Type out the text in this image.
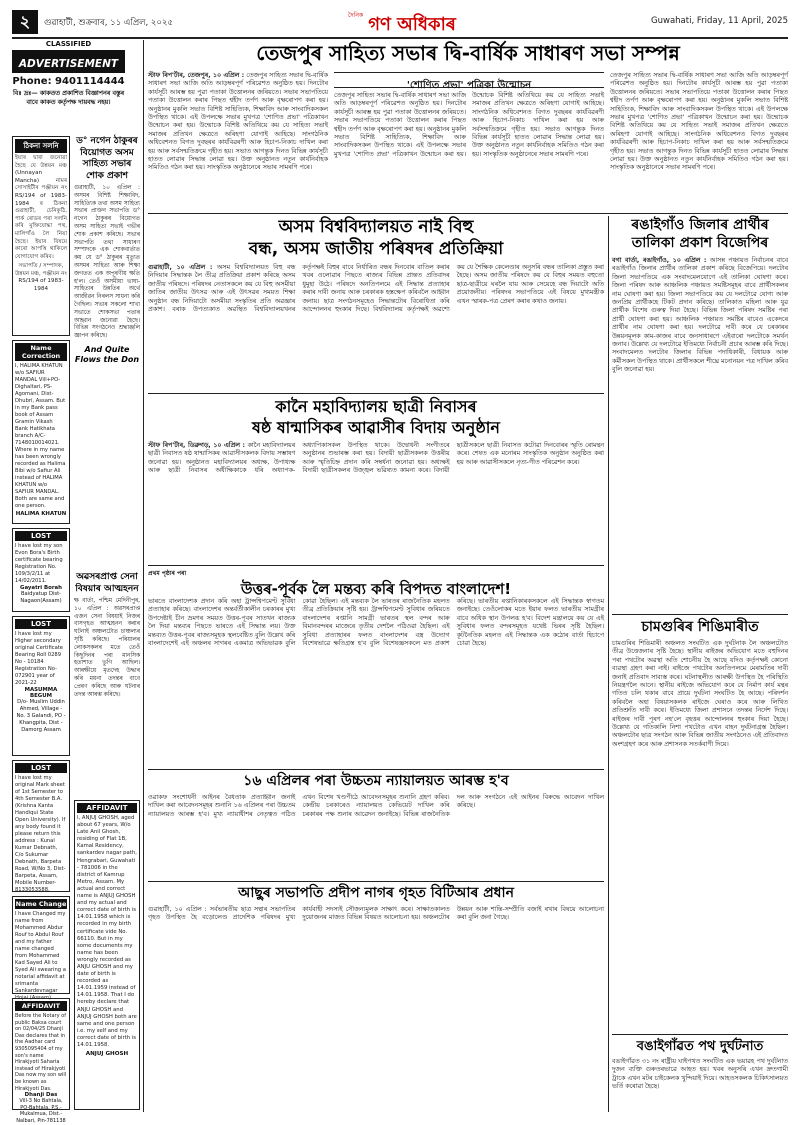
২	গুৱাহাটী, শুক্ৰবাৰ, ১১ এপ্ৰিল, ২০২৫
$^{দৈনিক}$ গণ অধিকাৰ	Guwahati, Friday, 11 April, 2025
CLASSIFIED
ADVERTISEMENT
Phone: 9401114444
বিঃ দ্ৰঃ— কাকতত প্ৰকাশিত বিজ্ঞাপনৰ বস্তুৰ বাবে কাকত কৰ্তৃপক্ষ দায়বদ্ধ নহয়।
ঠিকনা সলনি
ইয়াৰ দ্বাৰা জনোৱা হৈছে যে উন্নয়ন মঞ্চ (Unnayan Mancha) নামৰ সোসাইটীৰ পঞ্জীয়ন নং RS/194 of 1983-1984 ৰ ঠিকনা গুৱাহাটী, চেনিকুঠি, পাৰ্ক ৰোডৰ পৰা সলনি কৰি মুক্তিযোদ্ধা পথ, মালিগাঁও লৈ নিয়া হৈছে। ইয়াৰ বিষয়ে কাৰো আপত্তি থাকিলে যোগাযোগ কৰিব।
সভাপতি / সম্পাদক, উন্নয়ন মঞ্চ, পঞ্জীয়ন নং RS/194 of 1983-1984
Name Correction
I, HALIMA KHATUN w/o SAFIUR MANDAL Vill+PO- Dighaltari, PS- Agomani, Dist- Dhubri, Assam. But in my Bank pass book of Assam Gramin Vikash Bank Hatikhata branch A/C-7148010014021. Where in my name has been wrongly recorded as Halima Bibi w/o Safiur Ali instead of HALIMA KHATUN w/o SAFIUR MANDAL. Both are same and one person.
HALIMA KHATUN
LOST
I have lost my son Evon Bora's Birth certificate bearing Registration No. 109/3/2/11 at 14/02/2011.
Gayatri Borah
Baidyatup Dist-Nagaon(Assam)
LOST
I have lost my Higher secondary original Certificate Bearing Roll 0289 No - 10184 Registration No- 072901 year of 2021-22
MASUMMA BEGUM
D/o- Muslim Uddin Ahmed, Village - No. 3 Galandi, PO - Khangpita, Dist - Damorg Assam
LOST
I have lost my original Mark sheet of 1st Semester to 4th Semester B.A. (Krishna Kanta Handiqui State Open University). If any body found it please return this address : Kunal Kumar Debnath, C/o Sukumar Debnath, Barpeta Road, W/No 3, Dist- Barpeta, Assam, Mobile Number- 8133053588.
Name Change
I have Changed my name from Mohammed Abdur Rouf to Abdul Rouf and my father name changed from Mohammed Kad Sayed Ali to Syed Ali swearing a notarial affidavit at srimanta Sankardevnagar Hojai (Assam)
AFFIDAVIT
Before the Notary of public Baksa court on 02/04/25 Dhanji Das declares that in the Aadhar card 9305095404 of my son's name Hirakjyoti Saharia instead of Hirakjyoti Das now my son will be known as Hirakjyoti Das.
Dhanji Das
Vill-3 No Bahtala, PO-Bahtala, P.S.-Mukalmua, Dist.-Nalbari, Pin-781138
ড° নগেন ঠাকুৰৰ বিয়োগত অসম সাহিত্য সভাৰ শোক প্ৰকাশ
গুৱাহাটী, ১০ এপ্ৰিল : অসমৰ বিশিষ্ট শিক্ষাবিদ, সাহিত্যিক তথা অসম সাহিত্য সভাৰ প্ৰাক্তন সভাপতি ড° নগেন ঠাকুৰৰ বিয়োগত অসম সাহিত্য সভাই গভীৰ শোক প্ৰকাশ কৰিছে। সভাৰ সভাপতি তথা সাধাৰণ সম্পাদকে এক শোকবাৰ্তাত কয় যে ড° ঠাকুৰৰ মৃত্যুত অসমৰ সাহিত্য আৰু শিক্ষা জগতত এক অপূৰণীয় ক্ষতি হ'ল। তেওঁ অসমীয়া ভাষা-সাহিত্যৰ উন্নতিৰ অৰ্থে আজীৱন নিৰলস সাধনা কৰি গৈছিল। সভাৰ সকলো শাখা সভাতে শোকসভা পতাৰ আহ্বান জনোৱা হৈছে। বিভিন্ন সংগঠনেও শ্ৰদ্ধাঞ্জলি জ্ঞাপন কৰিছে।
And Quite Flows the Don
অৱসৰপ্ৰাপ্ত সেনা বিষয়াৰ আত্মহনন
ক্ষ বাৰ্তা, পশ্চিম মেদিনীপুৰ, ১০ এপ্ৰিল : অৱসৰপ্ৰাপ্ত এজন সেনা বিষয়াই নিজৰ বাসগৃহত আত্মহনন কৰাৰ ঘটনাই অঞ্চলটোত চাঞ্চল্যৰ সৃষ্টি কৰিছে। পৰিয়ালৰ লোকসকলৰ মতে তেওঁ কিছুদিনৰ পৰা মানসিক হতাশাত ভুগি আছিল। আৰক্ষীয়ে মৃতদেহ উদ্ধাৰ কৰি ময়না তদন্তৰ বাবে প্ৰেৰণ কৰিছে আৰু ঘটনাৰ তদন্ত আৰম্ভ কৰিছে।
AFFIDAVIT
I, ANJUJ GHOSH, aged about 67 years, W/o Late Anil Ghosh, residing of Flat 1B, Kamal Residency, sankardev nagar path, Hengrabari, Guwahati - 781006 in the district of Kamrup Metro, Assam. My actual and correct name is ANJUJ GHOSH and my actual and correct date of birth is 14.01.1958 which is recorded in my birth certificate vide No. 66110. But in my some documents my name has been wrongly recorded as ANJU GHOSH and my date of birth is recorded as 14.01.1959 instead of 14.01.1958. That I do hereby declare that ANJU GHOSH and ANJUJ GHOSH both are same and one person i.e. my self and my correct date of birth is 14.01.1958.
ANJUJ GHOSH
তেজপুৰ সাহিত্য সভাৰ দ্বি-বাৰ্ষিক সাধাৰণ সভা সম্পন্ন
স্টাফ ৰিপ'ৰ্টাৰ, তেজপুৰ, ১০ এপ্ৰিল : তেজপুৰ সাহিত্য সভাৰ দ্বি-বাৰ্ষিক সাধাৰণ সভা আজি অতি আড়ম্বৰপূৰ্ণ পৰিৱেশত অনুষ্ঠিত হয়। দিনটোৰ কাৰ্যসূচী আৰম্ভ হয় পুৱা পতাকা উত্তোলনৰ জৰিয়তে। সভাৰ সভাপতিয়ে পতাকা উত্তোলন কৰাৰ পিছত শ্বহীদ তৰ্পণ আৰু বৃক্ষৰোপণ কৰা হয়। অনুষ্ঠানৰ মুকলি সভাত বিশিষ্ট সাহিত্যিক, শিক্ষাবিদ আৰু সাংবাদিকসকল উপস্থিত থাকে। এই উপলক্ষে সভাৰ মুখপত্ৰ 'শোণিত প্ৰভা' পত্ৰিকাখন উন্মোচন কৰা হয়। উন্মোচক বিশিষ্ট অতিথিয়ে কয় যে সাহিত্য সভাই সমাজৰ প্ৰতিখন ক্ষেত্ৰতে অৰিহণা যোগাই আহিছে। সাংগঠনিক অধিবেশনত বিগত দুবছৰৰ কাৰ্যবিৱৰণী আৰু হিচাপ-নিকাচ দাখিল কৰা হয় আৰু সৰ্বসন্মতিক্ৰমে গৃহীত হয়। সভাত আগন্তুক দিনত বিভিন্ন কাৰ্যসূচী হাতত লোৱাৰ সিদ্ধান্ত লোৱা হয়। উক্ত অনুষ্ঠানত নতুন কাৰ্যনিৰ্বাহক সমিতিও গঠন কৰা হয়। সাংস্কৃতিক অনুষ্ঠানেৰে সভাৰ সামৰণি পৰে।
'শোণিত প্ৰভা' পত্ৰিকা উন্মোচন
তেজপুৰ সাহিত্য সভাৰ দ্বি-বাৰ্ষিক সাধাৰণ সভা আজি অতি আড়ম্বৰপূৰ্ণ পৰিৱেশত অনুষ্ঠিত হয়। দিনটোৰ কাৰ্যসূচী আৰম্ভ হয় পুৱা পতাকা উত্তোলনৰ জৰিয়তে। সভাৰ সভাপতিয়ে পতাকা উত্তোলন কৰাৰ পিছত শ্বহীদ তৰ্পণ আৰু বৃক্ষৰোপণ কৰা হয়। অনুষ্ঠানৰ মুকলি সভাত বিশিষ্ট সাহিত্যিক, শিক্ষাবিদ আৰু সাংবাদিকসকল উপস্থিত থাকে। এই উপলক্ষে সভাৰ মুখপত্ৰ 'শোণিত প্ৰভা' পত্ৰিকাখন উন্মোচন কৰা হয়। উন্মোচক বিশিষ্ট অতিথিয়ে কয় যে সাহিত্য সভাই সমাজৰ প্ৰতিখন ক্ষেত্ৰতে অৰিহণা যোগাই আহিছে। সাংগঠনিক অধিবেশনত বিগত দুবছৰৰ কাৰ্যবিৱৰণী আৰু হিচাপ-নিকাচ দাখিল কৰা হয় আৰু সৰ্বসন্মতিক্ৰমে গৃহীত হয়। সভাত আগন্তুক দিনত বিভিন্ন কাৰ্যসূচী হাতত লোৱাৰ সিদ্ধান্ত লোৱা হয়। উক্ত অনুষ্ঠানত নতুন কাৰ্যনিৰ্বাহক সমিতিও গঠন কৰা হয়। সাংস্কৃতিক অনুষ্ঠানেৰে সভাৰ সামৰণি পৰে।
তেজপুৰ সাহিত্য সভাৰ দ্বি-বাৰ্ষিক সাধাৰণ সভা আজি অতি আড়ম্বৰপূৰ্ণ পৰিৱেশত অনুষ্ঠিত হয়। দিনটোৰ কাৰ্যসূচী আৰম্ভ হয় পুৱা পতাকা উত্তোলনৰ জৰিয়তে। সভাৰ সভাপতিয়ে পতাকা উত্তোলন কৰাৰ পিছত শ্বহীদ তৰ্পণ আৰু বৃক্ষৰোপণ কৰা হয়। অনুষ্ঠানৰ মুকলি সভাত বিশিষ্ট সাহিত্যিক, শিক্ষাবিদ আৰু সাংবাদিকসকল উপস্থিত থাকে। এই উপলক্ষে সভাৰ মুখপত্ৰ 'শোণিত প্ৰভা' পত্ৰিকাখন উন্মোচন কৰা হয়। উন্মোচক বিশিষ্ট অতিথিয়ে কয় যে সাহিত্য সভাই সমাজৰ প্ৰতিখন ক্ষেত্ৰতে অৰিহণা যোগাই আহিছে। সাংগঠনিক অধিবেশনত বিগত দুবছৰৰ কাৰ্যবিৱৰণী আৰু হিচাপ-নিকাচ দাখিল কৰা হয় আৰু সৰ্বসন্মতিক্ৰমে গৃহীত হয়। সভাত আগন্তুক দিনত বিভিন্ন কাৰ্যসূচী হাতত লোৱাৰ সিদ্ধান্ত লোৱা হয়। উক্ত অনুষ্ঠানত নতুন কাৰ্যনিৰ্বাহক সমিতিও গঠন কৰা হয়। সাংস্কৃতিক অনুষ্ঠানেৰে সভাৰ সামৰণি পৰে।
অসম বিশ্ববিদ্যালয়ত নাই বিহু
বন্ধ, অসম জাতীয় পৰিষদৰ প্ৰতিক্ৰিয়া
গুৱাহাটী, ১০ এপ্ৰিল : অসম বিশ্ববিদ্যালয়ত বিহু বন্ধ নিদিয়াৰ সিদ্ধান্তক লৈ তীব্ৰ প্ৰতিক্ৰিয়া প্ৰকাশ কৰিছে অসম জাতীয় পৰিষদে। পৰিষদৰ নেতাসকলে কয় যে বিহু অসমীয়া জাতিৰ জাতীয় উৎসৱ আৰু এই উৎসৱৰ সময়ত শিক্ষা অনুষ্ঠান বন্ধ নিদিয়াটো অসমীয়া সংস্কৃতিৰ প্ৰতি অৱজ্ঞাৰ প্ৰকাশ। বৰাক উপত্যকাত অৱস্থিত বিশ্ববিদ্যালয়খনৰ কৰ্তৃপক্ষই বিহুৰ বাবে নিৰ্ধাৰিত বন্ধৰ দিনবোৰ বাতিল কৰাৰ খবৰ ওলোৱাৰ পিছতে ৰাজ্যৰ বিভিন্ন প্ৰান্তত প্ৰতিবাদৰ ধুমুহা উঠে। পৰিষদে অনতিপলমে এই সিদ্ধান্ত প্ৰত্যাহাৰ কৰাৰ দাবী জনায় আৰু চৰকাৰক হস্তক্ষেপ কৰিবলৈ আহ্বান জনায়। ছাত্ৰ সংগঠনসমূহেও সিদ্ধান্তটোৰ বিৰোধিতা কৰি আন্দোলনৰ হুংকাৰ দিছে। বিশ্ববিদ্যালয় কৰ্তৃপক্ষই অৱশ্যে কয় যে শৈক্ষিক কেলেণ্ডাৰ অনুসৰি বন্ধৰ তালিকা প্ৰস্তুত কৰা হৈছে। অসম জাতীয় পৰিষদে কয় যে বিহুৰ সময়ত বহুতো ছাত্ৰ-ছাত্ৰীয়ে ঘৰলৈ যায় আৰু সেয়েহে বন্ধ দিয়াটো অতি প্ৰয়োজনীয়। পৰিষদৰ সভাপতিয়ে এই বিষয়ে মুখ্যমন্ত্ৰীক এখন স্মাৰক-পত্ৰ প্ৰেৰণ কৰাৰ কথাও জনায়।
ৰঙাইগাঁও জিলাৰ প্ৰাৰ্থীৰ তালিকা প্ৰকাশ বিজেপিৰ
বগা বাৰ্তা, ৰঙাইগাঁও, ১০ এপ্ৰিল : আসন্ন পঞ্চায়ত নিৰ্বাচনৰ বাবে ৰঙাইগাঁও জিলাৰ প্ৰাৰ্থীৰ তালিকা প্ৰকাশ কৰিছে বিজেপিয়ে। দলটোৰ জিলা সভাপতিয়ে এক সংবাদমেলযোগে এই তালিকা ঘোষণা কৰে। জিলা পৰিষদ আৰু আঞ্চলিক পঞ্চায়ত সমষ্টিসমূহৰ বাবে প্ৰাৰ্থীসকলৰ নাম ঘোষণা কৰা হয়। জিলা সভাপতিয়ে কয় যে দলটোৱে যোগ্য আৰু জনপ্ৰিয় প্ৰাৰ্থীকহে টিকট প্ৰদান কৰিছে। তালিকাত মহিলা আৰু যুৱ প্ৰাৰ্থীক বিশেষ গুৰুত্ব দিয়া হৈছে। বিভিন্ন জিলা পৰিষদ সমষ্টিৰ পৰা প্ৰাৰ্থী ঘোষণা কৰা হয়। আঞ্চলিক পঞ্চায়ত সমষ্টিৰ বাবেও একেদৰে প্ৰাৰ্থীৰ নাম ঘোষণা কৰা হয়। দলটোৱে দাবী কৰে যে চৰকাৰৰ উন্নয়নমূলক কাম-কাজৰ বাবে জনসাধাৰণে এইবাৰো দলটোকে সমৰ্থন জনাব। উল্লেখ্য যে দলটোৱে ইতিমধ্যে নিৰ্বাচনী প্ৰচাৰ আৰম্ভ কৰি দিছে। সংবাদমেলত দলটোৰ জিলাৰ বিভিন্ন পদাধিকাৰী, বিধায়ক আৰু কৰ্মীসকল উপস্থিত থাকে। প্ৰাৰ্থীসকলে শীঘ্ৰে মনোনয়ন পত্ৰ দাখিল কৰিব বুলি জনোৱা হয়।
কানৈ মহাবিদ্যালয় ছাত্ৰী নিবাসৰ
ষষ্ঠ ষান্মাসিকৰ আৱাসীৰ বিদায় অনুষ্ঠান
স্টাফ ৰিপ'ৰ্টাৰ, ডিব্ৰুগড়, ১০ এপ্ৰিল : কানৈ মহাবিদ্যালয়ৰ ছাত্ৰী নিবাসত ষষ্ঠ ষান্মাসিকৰ আৱাসীসকলক বিদায় সম্ভাষণ জনোৱা হয়। অনুষ্ঠানত মহাবিদ্যালয়ৰ অধ্যক্ষ, উপাধ্যক্ষ আৰু ছাত্ৰী নিবাসৰ অধীক্ষিকাকে ধৰি অধ্যাপক-অধ্যাপিকাসকল উপস্থিত থাকে। উদ্বোধনী সংগীতৰে অনুষ্ঠানৰ শুভাৰম্ভ কৰা হয়। বিদায়ী ছাত্ৰীসকলক উত্তৰীয় আৰু স্মৃতিচিহ্ন প্ৰদান কৰি সম্বৰ্ধনা জনোৱা হয়। অধ্যক্ষই বিদায়ী ছাত্ৰীসকলৰ উজ্জ্বল ভৱিষ্যত কামনা কৰে। বিদায়ী ছাত্ৰীসকলে ছাত্ৰী নিবাসত কটোৱা দিনবোৰৰ স্মৃতি ৰোমন্থন কৰে। শেষত এক মনোৰম সাংস্কৃতিক অনুষ্ঠান অনুষ্ঠিত কৰা হয় আৰু আৱাসীসকলে নৃত্য-গীত পৰিৱেশন কৰে।
প্ৰথম পৃষ্ঠাৰ পৰা
উত্তৰ-পূৰ্বক লৈ মন্তব্য কৰি বিপদত বাংলাদেশ!
ভাৰতে বাংলাদেশক প্ৰদান কৰি অহা ট্ৰান্সশ্বিপমেণ্ট সুবিধা প্ৰত্যাহাৰ কৰিছে। বাংলাদেশৰ অন্তৰ্বৰ্তীকালীন চৰকাৰৰ মুখ্য উপদেষ্টাই চীন ভ্ৰমণৰ সময়ত উত্তৰ-পূবৰ সাতখন ৰাজ্যক লৈ দিয়া মন্তব্যৰ পিছতে ভাৰতে এই সিদ্ধান্ত লয়। উক্ত মন্তব্যত উত্তৰ-পূবৰ ৰাজ্যসমূহক স্থলবেষ্টিত বুলি উল্লেখ কৰি বাংলাদেশেই এই অঞ্চলৰ সাগৰৰ একমাত্ৰ অভিভাৱক বুলি কোৱা হৈছিল। এই মন্তব্যক লৈ ভাৰতৰ ৰাজনৈতিক মহলত তীব্ৰ প্ৰতিক্ৰিয়াৰ সৃষ্টি হয়। ট্ৰান্সশ্বিপমেণ্ট সুবিধাৰ জৰিয়তে বাংলাদেশৰ ৰপ্তানি সামগ্ৰী ভাৰতৰ স্থল বন্দৰ আৰু বিমানবন্দৰৰ মাজেৰে তৃতীয় দেশলৈ পঠিওৱা হৈছিল। এই সুবিধা প্ৰত্যাহাৰৰ ফলত বাংলাদেশৰ বস্ত্ৰ উদ্যোগ বিশেষভাৱে ক্ষতিগ্ৰস্ত হ'ব বুলি বিশেষজ্ঞসকলে মত প্ৰকাশ কৰিছে। ভাৰতীয় ৰপ্তানিকাৰকসকলে এই সিদ্ধান্তক স্বাগতম জনাইছে। তেওঁলোকৰ মতে ইয়াৰ ফলত ভাৰতীয় সামগ্ৰীৰ বাবে অধিক স্থান উপলব্ধ হ'ব। বিদেশ মন্ত্ৰালয়ে কয় যে এই সুবিধাৰ ফলত বন্দৰসমূহত যথেষ্ট ভিৰৰ সৃষ্টি হৈছিল। কূটনৈতিক মহলত এই সিদ্ধান্তক এক কঠোৰ বাৰ্তা হিচাপে চোৱা হৈছে।
১৬ এপ্ৰিলৰ পৰা উচ্চতম ন্যায়ালয়ত আৰম্ভ হ'ব
ওৱাকফ সংশোধনী আইনৰ বৈধতাক প্ৰত্যাহ্বান জনাই দাখিল কৰা আবেদনসমূহৰ শুনানি ১৬ এপ্ৰিলৰ পৰা উচ্চতম ন্যায়ালয়ত আৰম্ভ হ'ব। মুখ্য ন্যায়াধীশৰ নেতৃত্বত গঠিত এখন বিশেষ খণ্ডপীঠে আবেদনসমূহৰ শুনানি গ্ৰহণ কৰিব। কেন্দ্ৰীয় চৰকাৰেও ন্যায়ালয়ত কেভিয়েট দাখিল কৰি চৰকাৰৰ পক্ষ শুনাৰ আৱেদন জনাইছে। বিভিন্ন ৰাজনৈতিক দল আৰু সংগঠনে এই আইনৰ বিৰুদ্ধে আবেদন দাখিল কৰিছে।
আছুৰ সভাপতি প্ৰদীপ নাগৰ গৃহত বিটিআৰ প্ৰধান
গুৱাহাটী, ১০ এপ্ৰিল : সৰ্বভাৰতীয় ছাত্ৰ সন্থাৰ সভাপতিৰ গৃহত উপস্থিত হৈ বড়োলেণ্ড প্ৰাদেশিক পৰিষদৰ মুখ্য কাৰ্যবাহী সদস্যই সৌজন্যমূলক সাক্ষাৎ কৰে। সাক্ষাতকালত দুয়োজনৰ মাজত বিভিন্ন বিষয়ত আলোচনা হয়। অঞ্চলটোৰ উন্নয়ন আৰু শান্তি-সম্প্ৰীতি বজাই ৰখাৰ বিষয়ে আলোচনা কৰা বুলি জনা গৈছে।
চামগুৰিৰ শিঙিমাৰীত
চামগুৰিৰ শিঙিমাৰী অঞ্চলত সংঘটিত এক দুৰ্ঘটনাক লৈ অঞ্চলটোত তীব্ৰ উত্তেজনাৰ সৃষ্টি হৈছে। স্থানীয় ৰাইজৰ অভিযোগ মতে বহুদিনৰ পৰা পথটোৰ অৱস্থা অতি শোচনীয় হৈ আছে যদিও কৰ্তৃপক্ষই কোনো ব্যৱস্থা গ্ৰহণ কৰা নাই। ৰাইজে পথটোৰ অনতিপলমে মেৰামতিৰ দাবী জনাই প্ৰতিবাদ সাব্যস্ত কৰে। ঘটনাস্থলীত আৰক্ষী উপস্থিত হৈ পৰিস্থিতি নিয়ন্ত্ৰণলৈ আনে। স্থানীয় ৰাইজে অভিযোগ কৰে যে নিৰ্মাণ কাৰ্য মন্থৰ গতিত চলি থকাৰ বাবে প্ৰায়ে দুৰ্ঘটনা সংঘটিত হৈ আছে। পৰিদৰ্শন কৰিবলৈ অহা বিষয়াসকলক ৰাইজে ঘেৰাও কৰে আৰু লিখিত প্ৰতিশ্ৰুতি দাবী কৰে। ইতিমধ্যে জিলা প্ৰশাসনে তদন্তৰ নিৰ্দেশ দিছে। ৰাইজৰ দাবী পূৰণ নহ'লে বৃহত্তৰ আন্দোলনৰ হুংকাৰ দিয়া হৈছে। উল্লেখ্য যে গতিকালি নিশা পথটোত এখন বাহন দুৰ্ঘটনাগ্ৰস্ত হৈছিল। অঞ্চলটোৰ ছাত্ৰ সংগঠন আৰু বিভিন্ন জাতীয় সংগঠনেও এই প্ৰতিবাদত অংশগ্ৰহণ কৰে আৰু প্ৰশাসনক সতৰ্কবাণী দিয়ে।
বঙাইগাঁৱত পথ দুৰ্ঘটনাত
বঙাইগাঁৱত ৩১ নং ৰাষ্ট্ৰীয় ঘাইপথত সংঘটিত এক ভয়াৱহ পথ দুৰ্ঘটনাত দুজন ব্যক্তি গুৰুতৰভাৱে আহত হয়। খবৰ অনুসৰি এখন দ্ৰুতগামী ট্ৰাকে এখন মটৰ চাইকেলক খুন্দিয়াই দিয়ে। আহতসকলক চিকিৎসালয়ত ভৰ্তি কৰোৱা হৈছে।
